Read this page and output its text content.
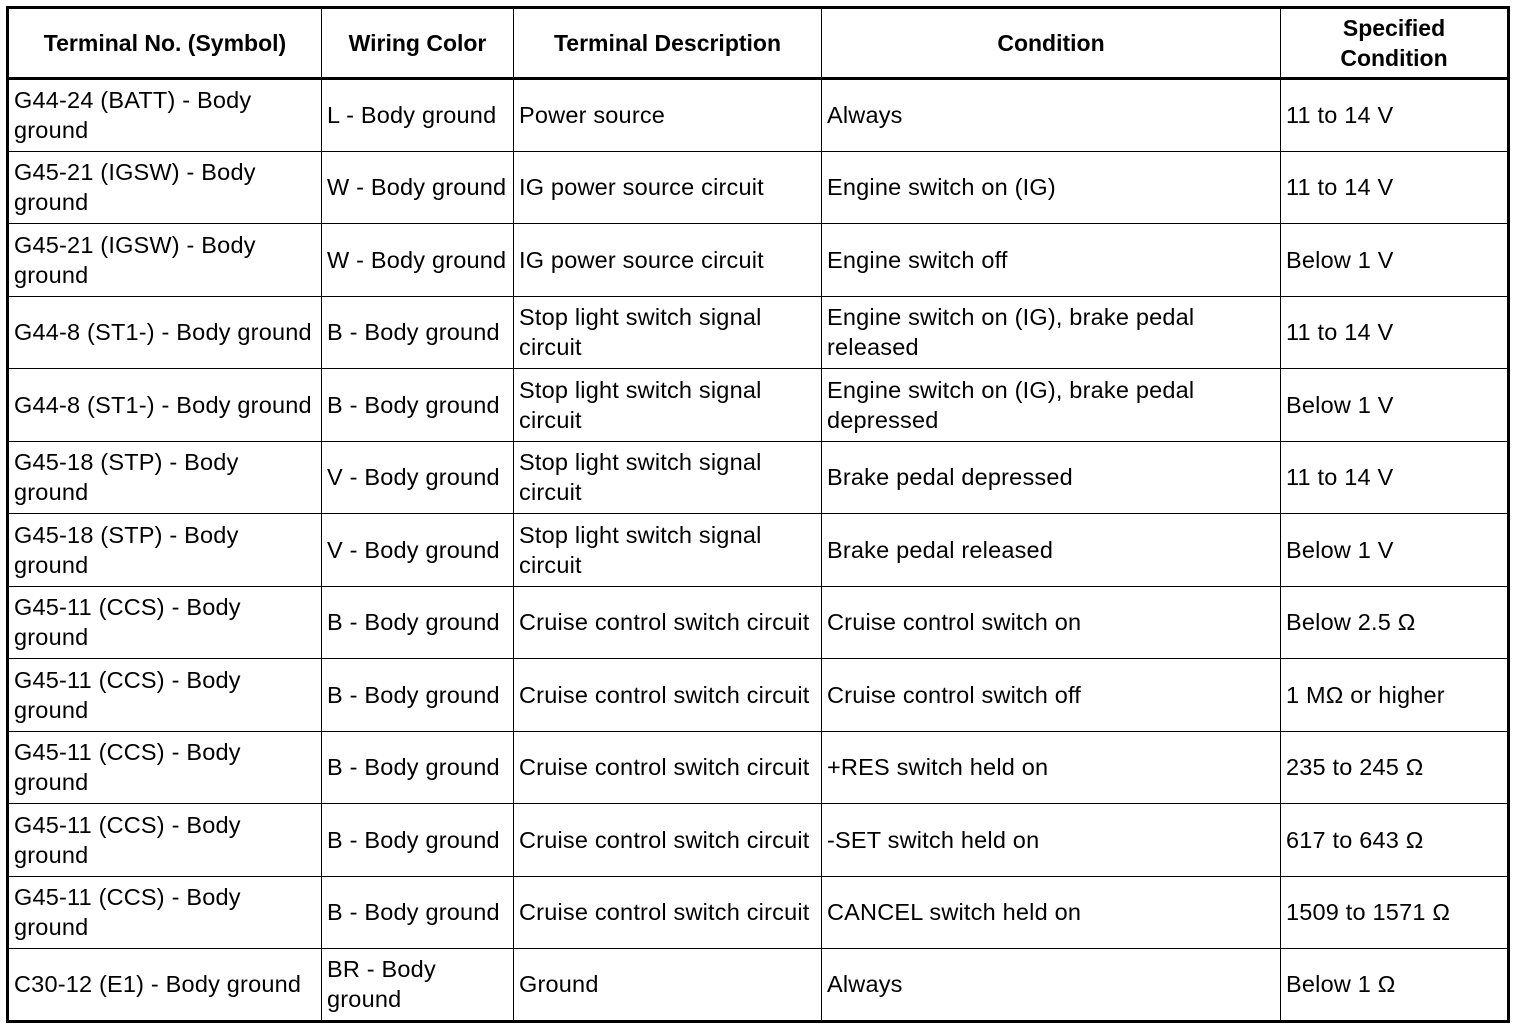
Terminal No. (Symbol)	Wiring Color	Terminal Description	Condition	Specified Condition
G44-24 (BATT) - Body ground	L - Body ground	Power source	Always	11 to 14 V
G45-21 (IGSW) - Body ground	W - Body ground	IG power source circuit	Engine switch on (IG)	11 to 14 V
G45-21 (IGSW) - Body ground	W - Body ground	IG power source circuit	Engine switch off	Below 1 V
G44-8 (ST1-) - Body ground	B - Body ground	Stop light switch signal circuit	Engine switch on (IG), brake pedal released	11 to 14 V
G44-8 (ST1-) - Body ground	B - Body ground	Stop light switch signal circuit	Engine switch on (IG), brake pedal depressed	Below 1 V
G45-18 (STP) - Body ground	V - Body ground	Stop light switch signal circuit	Brake pedal depressed	11 to 14 V
G45-18 (STP) - Body ground	V - Body ground	Stop light switch signal circuit	Brake pedal released	Below 1 V
G45-11 (CCS) - Body ground	B - Body ground	Cruise control switch circuit	Cruise control switch on	Below 2.5 Ω
G45-11 (CCS) - Body ground	B - Body ground	Cruise control switch circuit	Cruise control switch off	1 MΩ or higher
G45-11 (CCS) - Body ground	B - Body ground	Cruise control switch circuit	+RES switch held on	235 to 245 Ω
G45-11 (CCS) - Body ground	B - Body ground	Cruise control switch circuit	-SET switch held on	617 to 643 Ω
G45-11 (CCS) - Body ground	B - Body ground	Cruise control switch circuit	CANCEL switch held on	1509 to 1571 Ω
C30-12 (E1) - Body ground	BR - Body ground	Ground	Always	Below 1 Ω
